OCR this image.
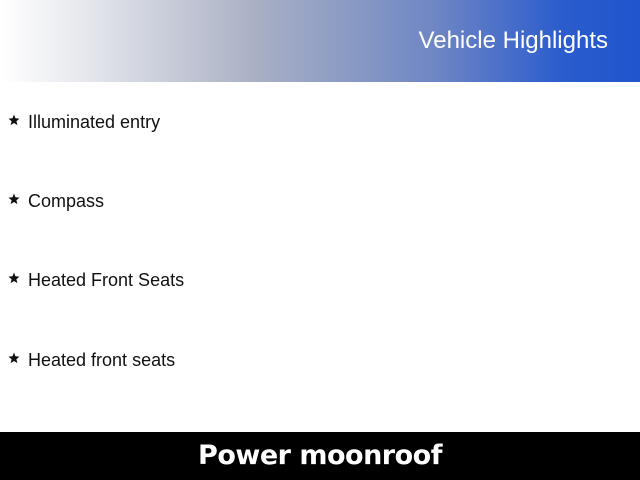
Vehicle Highlights
Illuminated entry
Compass
Heated Front Seats
Heated front seats
Power moonroof
